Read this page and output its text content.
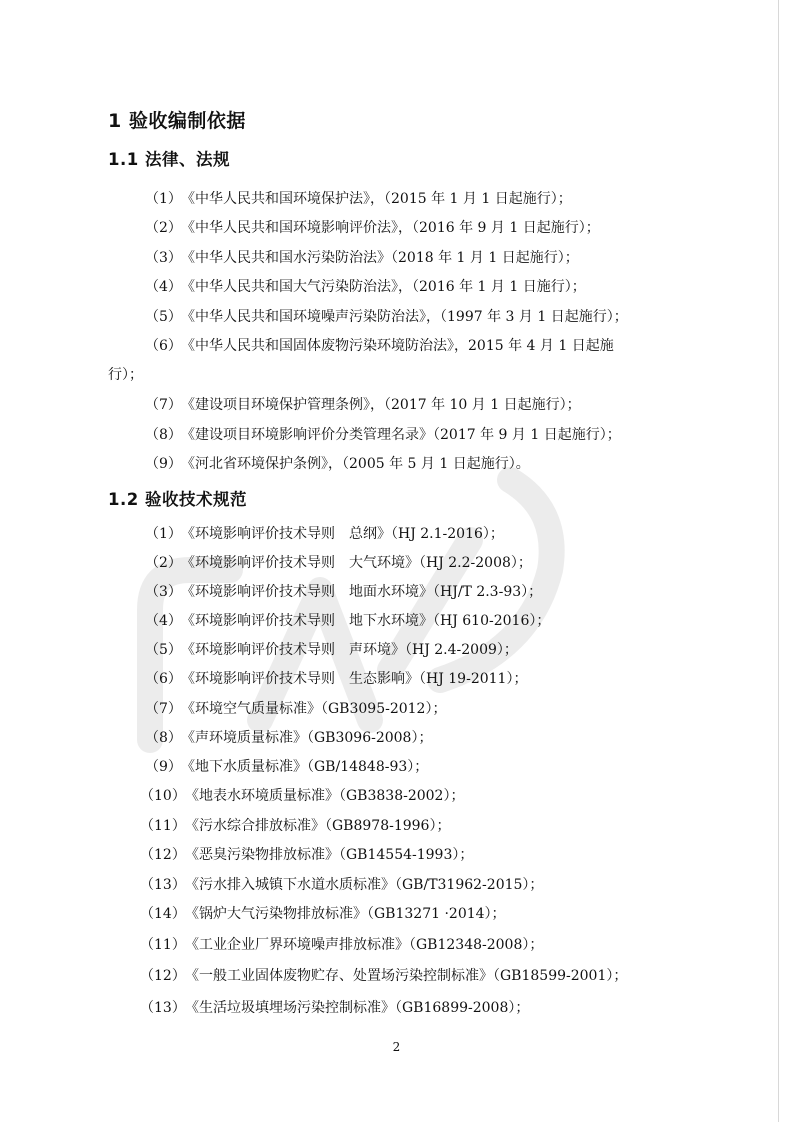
1 验收编制依据
1.1 法律、法规
（1） 《中华人民共和国环境保护法》，（2015 年 1 月 1 日起施行）；
（2） 《中华人民共和国环境影响评价法》，（2016 年 9 月 1 日起施行）；
（3） 《中华人民共和国水污染防治法》（2018 年 1 月 1 日起施行）；
（4） 《中华人民共和国大气污染防治法》，（2016 年 1 月 1 日施行）；
（5） 《中华人民共和国环境噪声污染防治法》，（1997 年 3 月 1 日起施行）；
（6） 《中华人民共和国固体废物污染环境防治法》，2015 年 4 月 1 日起施
行）；
（7） 《建设项目环境保护管理条例》，（2017 年 10 月 1 日起施行）；
（8） 《建设项目环境影响评价分类管理名录》（2017 年 9 月 1 日起施行）；
（9） 《河北省环境保护条例》，（2005 年 5 月 1 日起施行）。
1.2 验收技术规范
（1） 《环境影响评价技术导则　总纲》（HJ 2.1-2016）；
（2） 《环境影响评价技术导则　大气环境》（HJ 2.2-2008）；
（3） 《环境影响评价技术导则　地面水环境》（HJ/T 2.3-93）；
（4） 《环境影响评价技术导则　地下水环境》（HJ 610-2016）；
（5） 《环境影响评价技术导则　声环境》（HJ 2.4-2009）；
（6） 《环境影响评价技术导则　生态影响》（HJ 19-2011）；
（7） 《环境空气质量标准》（GB3095-2012）；
（8） 《声环境质量标准》（GB3096-2008）；
（9） 《地下水质量标准》（GB/14848-93）；
（10） 《地表水环境质量标准》（GB3838-2002）；
（11） 《污水综合排放标准》（GB8978-1996）；
（12） 《恶臭污染物排放标准》（GB14554-1993）；
（13） 《污水排入城镇下水道水质标准》（GB/T31962-2015）；
（14） 《锅炉大气污染物排放标准》（GB13271 ·2014）；
（11） 《工业企业厂界环境噪声排放标准》（GB12348-2008）；
（12） 《一般工业固体废物贮存、处置场污染控制标准》（GB18599-2001）；
（13） 《生活垃圾填埋场污染控制标准》（GB16899-2008）；
2
